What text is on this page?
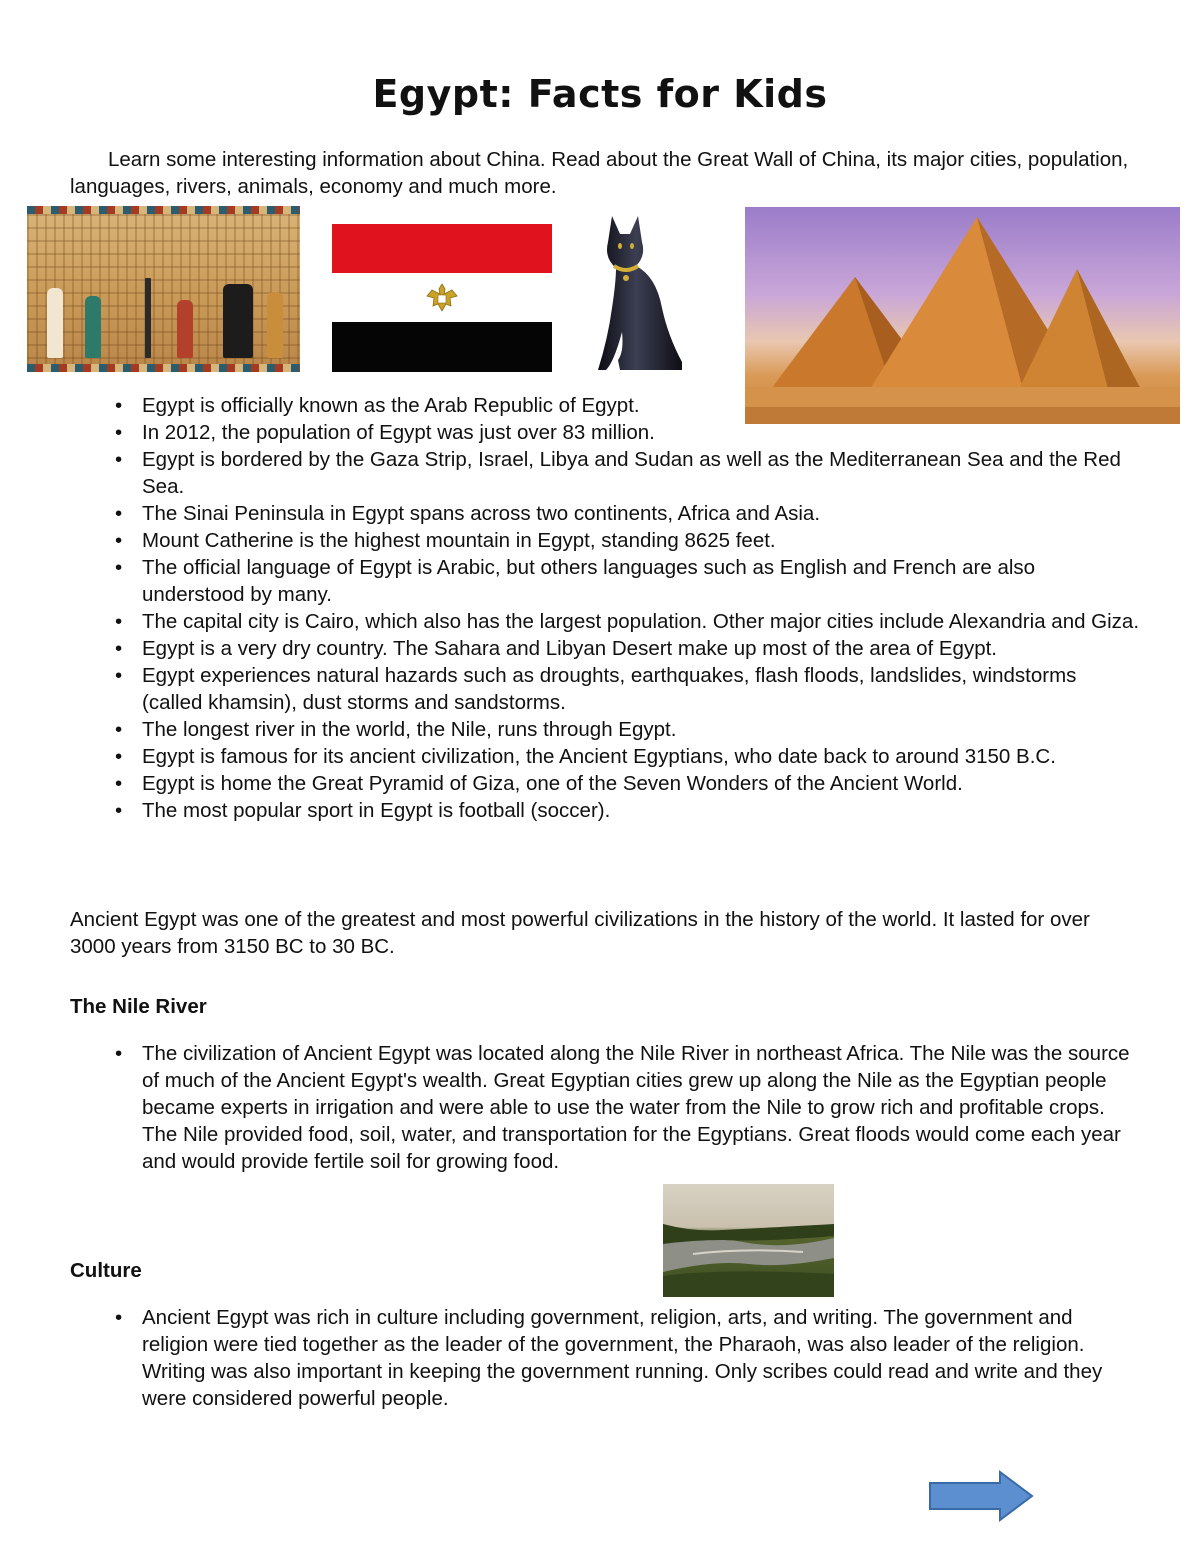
Egypt: Facts for Kids

Learn some interesting information about China. Read about the Great Wall of China, its major cities, population, languages, rivers, animals, economy and much more.

• Egypt is officially known as the Arab Republic of Egypt.
• In 2012, the population of Egypt was just over 83 million.
• Egypt is bordered by the Gaza Strip, Israel, Libya and Sudan as well as the Mediterranean Sea and the Red Sea.
• The Sinai Peninsula in Egypt spans across two continents, Africa and Asia.
• Mount Catherine is the highest mountain in Egypt, standing 8625 feet.
• The official language of Egypt is Arabic, but others languages such as English and French are also understood by many.
• The capital city is Cairo, which also has the largest population. Other major cities include Alexandria and Giza.
• Egypt is a very dry country. The Sahara and Libyan Desert make up most of the area of Egypt.
• Egypt experiences natural hazards such as droughts, earthquakes, flash floods, landslides, windstorms (called khamsin), dust storms and sandstorms.
• The longest river in the world, the Nile, runs through Egypt.
• Egypt is famous for its ancient civilization, the Ancient Egyptians, who date back to around 3150 B.C.
• Egypt is home the Great Pyramid of Giza, one of the Seven Wonders of the Ancient World.
• The most popular sport in Egypt is football (soccer).

Ancient Egypt was one of the greatest and most powerful civilizations in the history of the world. It lasted for over 3000 years from 3150 BC to 30 BC.

The Nile River
• The civilization of Ancient Egypt was located along the Nile River in northeast Africa. The Nile was the source of much of the Ancient Egypt's wealth. Great Egyptian cities grew up along the Nile as the Egyptian people became experts in irrigation and were able to use the water from the Nile to grow rich and profitable crops. The Nile provided food, soil, water, and transportation for the Egyptians. Great floods would come each year and would provide fertile soil for growing food.
Culture
• Ancient Egypt was rich in culture including government, religion, arts, and writing. The government and religion were tied together as the leader of the government, the Pharaoh, was also leader of the religion. Writing was also important in keeping the government running. Only scribes could read and write and they were considered powerful people.
